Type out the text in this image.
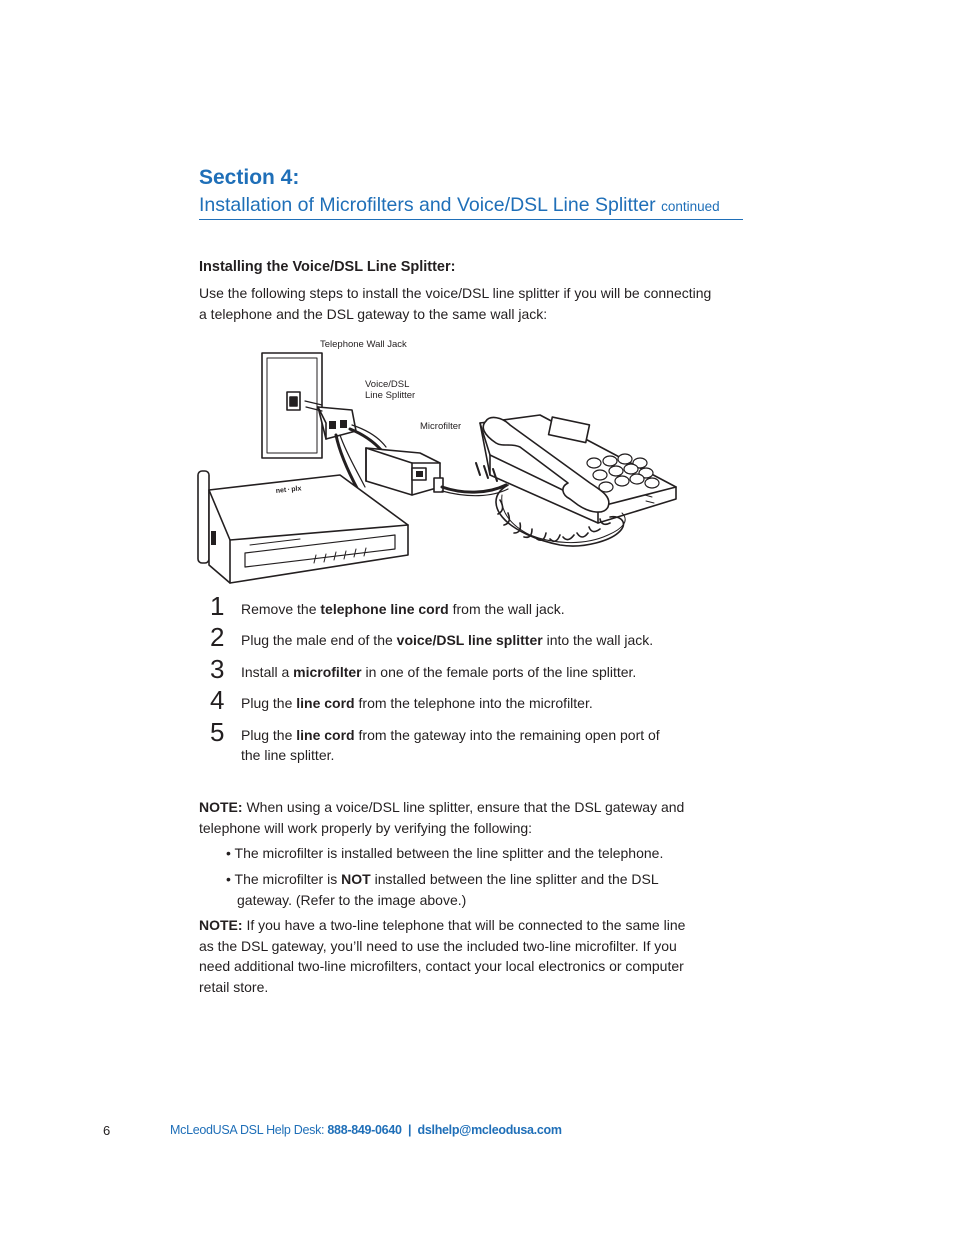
Section 4:
Installation of Microfilters and Voice/DSL Line Splitter continued
Installing the Voice/DSL Line Splitter:
Use the following steps to install the voice/DSL line splitter if you will be connecting a telephone and the DSL gateway to the same wall jack:
net · plx
Telephone Wall Jack
Voice/DSL
Line Splitter
Microfilter
1 Remove the telephone line cord from the wall jack.
2 Plug the male end of the voice/DSL line splitter into the wall jack.
3 Install a microfilter in one of the female ports of the line splitter.
4 Plug the line cord from the telephone into the microfilter.
5 Plug the line cord from the gateway into the remaining open port of
the line splitter.
NOTE: When using a voice/DSL line splitter, ensure that the DSL gateway and
telephone will work properly by verifying the following:
• The microfilter is installed between the line splitter and the telephone.
• The microfilter is NOT installed between the line splitter and the DSL
gateway. (Refer to the image above.)
NOTE: If you have a two-line telephone that will be connected to the same line
as the DSL gateway, you’ll need to use the included two-line microfilter. If you
need additional two-line microfilters, contact your local electronics or computer
retail store.
6	McLeodUSA DSL Help Desk: 888-849-0640  |  dslhelp@mcleodusa.com
